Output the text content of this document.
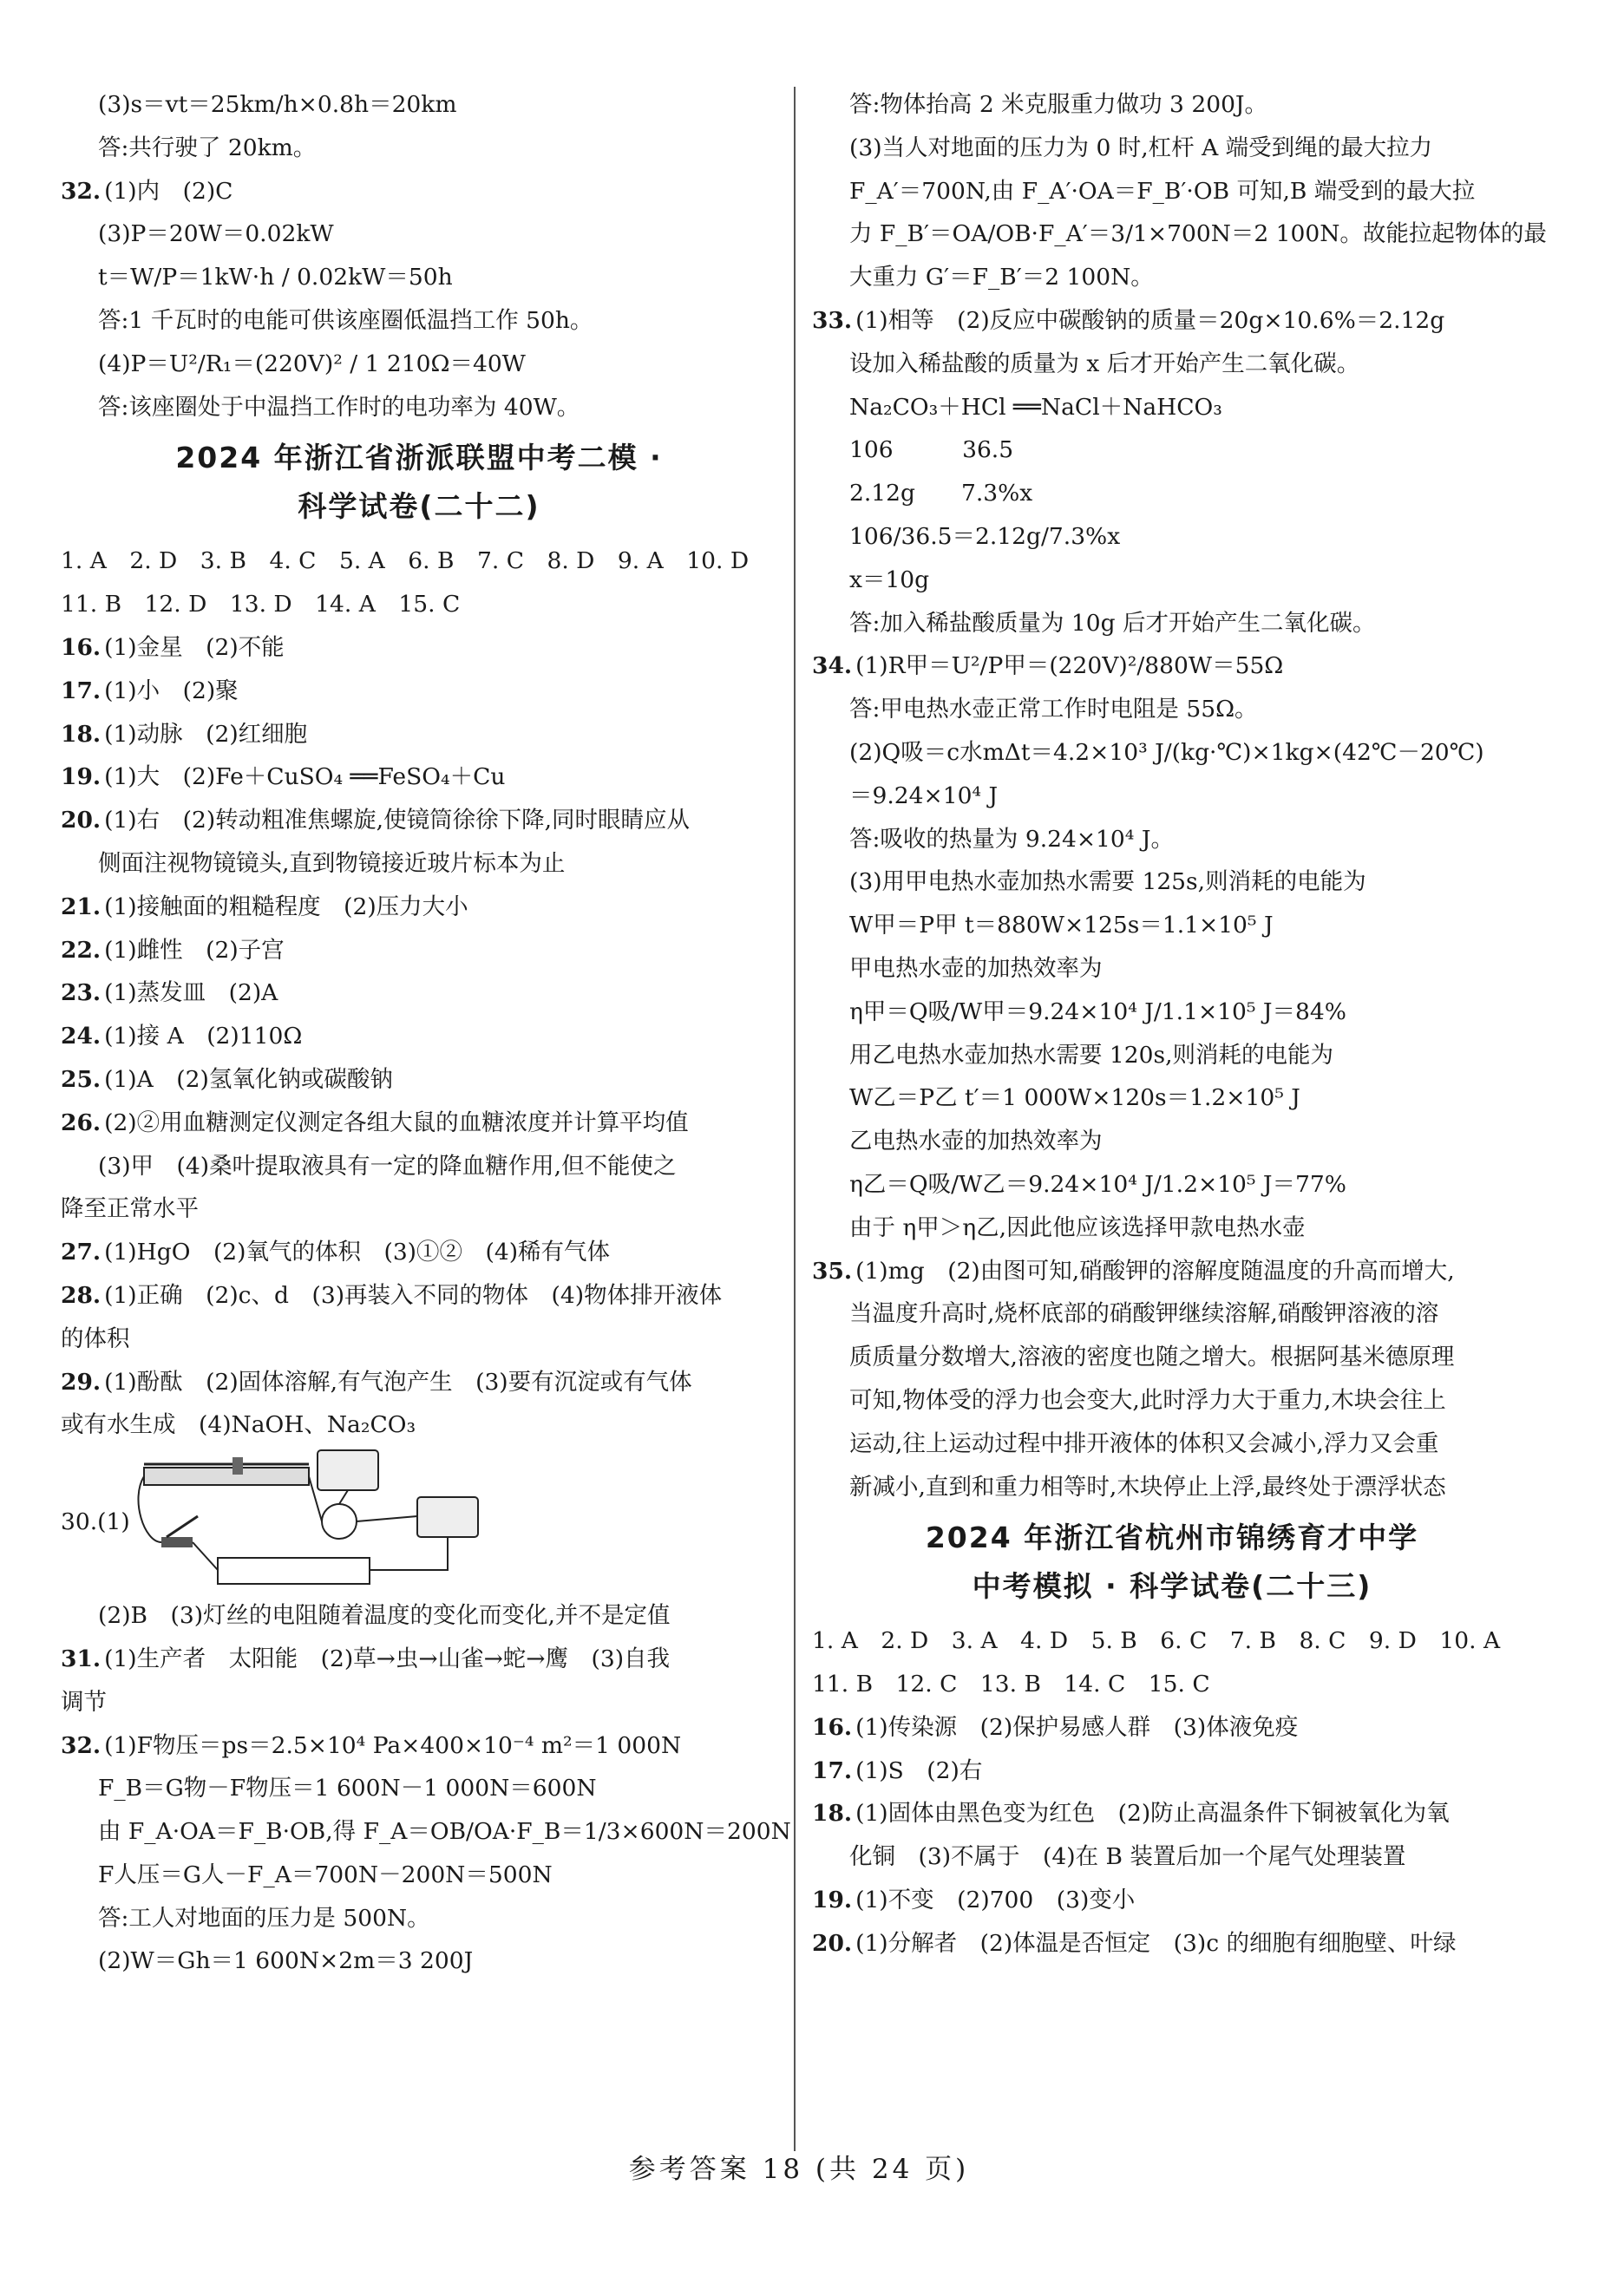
(3)s＝vt＝25km/h×0.8h＝20km
答:共行驶了 20km。
32. (1)内　(2)C
(3)P＝20W＝0.02kW
t＝W/P＝1kW·h / 0.02kW＝50h
答:1 千瓦时的电能可供该座圈低温挡工作 50h。
(4)P＝U²/R₁＝(220V)² / 1 210Ω＝40W
答:该座圈处于中温挡工作时的电功率为 40W。
2024 年浙江省浙派联盟中考二模 ·
科学试卷(二十二)
1. A　2. D　3. B　4. C　5. A　6. B　7. C　8. D　9. A　10. D
11. B　12. D　13. D　14. A　15. C
16. (1)金星　(2)不能
17. (1)小　(2)聚
18. (1)动脉　(2)红细胞
19. (1)大　(2)Fe＋CuSO₄ ══FeSO₄＋Cu
20. (1)右　(2)转动粗准焦螺旋,使镜筒徐徐下降,同时眼睛应从
侧面注视物镜镜头,直到物镜接近玻片标本为止
21. (1)接触面的粗糙程度　(2)压力大小
22. (1)雌性　(2)子宫
23. (1)蒸发皿　(2)A
24. (1)接 A　(2)110Ω
25. (1)A　(2)氢氧化钠或碳酸钠
26. (2)②用血糖测定仪测定各组大鼠的血糖浓度并计算平均值
(3)甲　(4)桑叶提取液具有一定的降血糖作用,但不能使之
降至正常水平
27. (1)HgO　(2)氧气的体积　(3)①②　(4)稀有气体
28. (1)正确　(2)c、d　(3)再装入不同的物体　(4)物体排开液体
的体积
29. (1)酚酞　(2)固体溶解,有气泡产生　(3)要有沉淀或有气体
或有水生成　(4)NaOH、Na₂CO₃
30.(1)
(2)B　(3)灯丝的电阻随着温度的变化而变化,并不是定值
31. (1)生产者　太阳能　(2)草→虫→山雀→蛇→鹰　(3)自我
调节
32. (1)F物压＝ps＝2.5×10⁴ Pa×400×10⁻⁴ m²＝1 000N
F_B＝G物－F物压＝1 600N－1 000N＝600N
由 F_A·OA＝F_B·OB,得 F_A＝OB/OA·F_B＝1/3×600N＝200N
F人压＝G人－F_A＝700N－200N＝500N
答:工人对地面的压力是 500N。
(2)W＝Gh＝1 600N×2m＝3 200J
答:物体抬高 2 米克服重力做功 3 200J。
(3)当人对地面的压力为 0 时,杠杆 A 端受到绳的最大拉力
F_A′＝700N,由 F_A′·OA＝F_B′·OB 可知,B 端受到的最大拉
力 F_B′＝OA/OB·F_A′＝3/1×700N＝2 100N。故能拉起物体的最
大重力 G′＝F_B′＝2 100N。
33. (1)相等　(2)反应中碳酸钠的质量＝20g×10.6%＝2.12g
设加入稀盐酸的质量为 x 后才开始产生二氧化碳。
Na₂CO₃＋HCl ══NaCl＋NaHCO₃
106　　　36.5
2.12g　　7.3%x
106/36.5＝2.12g/7.3%x
x＝10g
答:加入稀盐酸质量为 10g 后才开始产生二氧化碳。
34. (1)R甲＝U²/P甲＝(220V)²/880W＝55Ω
答:甲电热水壶正常工作时电阻是 55Ω。
(2)Q吸＝c水mΔt＝4.2×10³ J/(kg·℃)×1kg×(42℃－20℃)
＝9.24×10⁴ J
答:吸收的热量为 9.24×10⁴ J。
(3)用甲电热水壶加热水需要 125s,则消耗的电能为
W甲＝P甲 t＝880W×125s＝1.1×10⁵ J
甲电热水壶的加热效率为
η甲＝Q吸/W甲＝9.24×10⁴ J/1.1×10⁵ J＝84%
用乙电热水壶加热水需要 120s,则消耗的电能为
W乙＝P乙 t′＝1 000W×120s＝1.2×10⁵ J
乙电热水壶的加热效率为
η乙＝Q吸/W乙＝9.24×10⁴ J/1.2×10⁵ J＝77%
由于 η甲＞η乙,因此他应该选择甲款电热水壶
35. (1)mg　(2)由图可知,硝酸钾的溶解度随温度的升高而增大,
当温度升高时,烧杯底部的硝酸钾继续溶解,硝酸钾溶液的溶
质质量分数增大,溶液的密度也随之增大。根据阿基米德原理
可知,物体受的浮力也会变大,此时浮力大于重力,木块会往上
运动,往上运动过程中排开液体的体积又会减小,浮力又会重
新减小,直到和重力相等时,木块停止上浮,最终处于漂浮状态
2024 年浙江省杭州市锦绣育才中学
中考模拟 · 科学试卷(二十三)
1. A　2. D　3. A　4. D　5. B　6. C　7. B　8. C　9. D　10. A
11. B　12. C　13. B　14. C　15. C
16. (1)传染源　(2)保护易感人群　(3)体液免疫
17. (1)S　(2)右
18. (1)固体由黑色变为红色　(2)防止高温条件下铜被氧化为氧
化铜　(3)不属于　(4)在 B 装置后加一个尾气处理装置
19. (1)不变　(2)700　(3)变小
20. (1)分解者　(2)体温是否恒定　(3)c 的细胞有细胞壁、叶绿
参考答案 18 (共 24 页)
